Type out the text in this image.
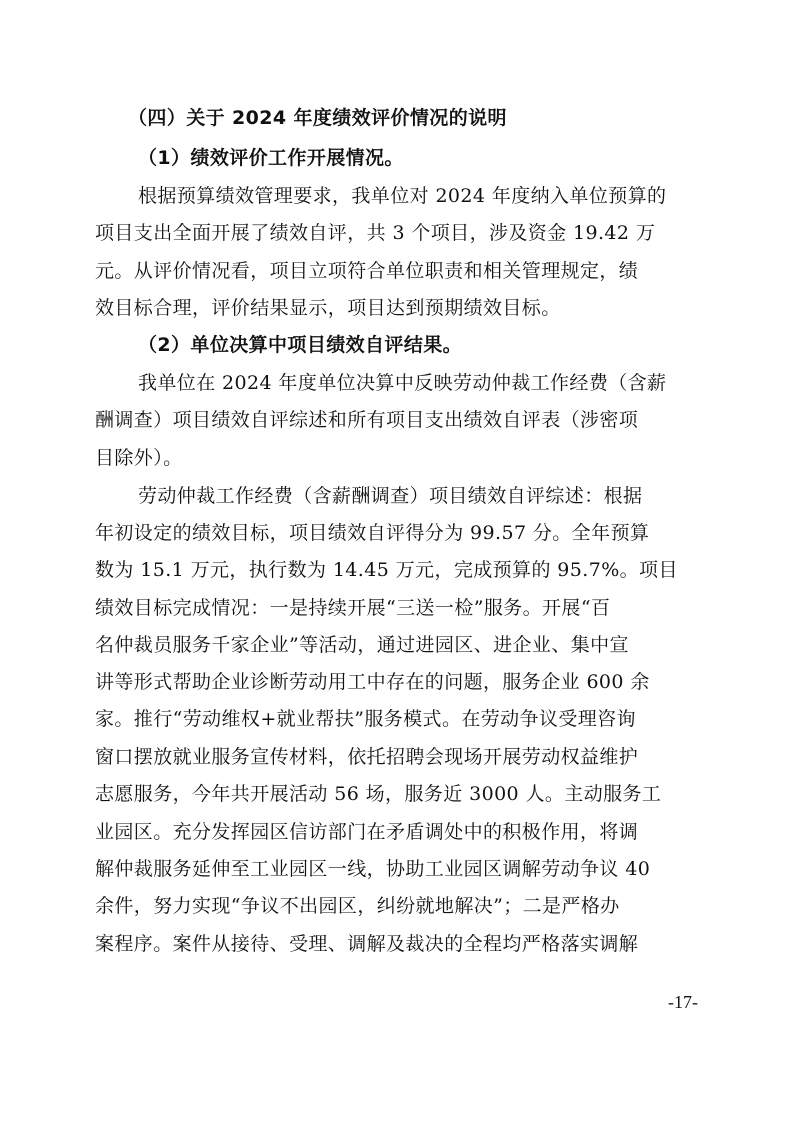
（四）关于 2024 年度绩效评价情况的说明
（1）绩效评价工作开展情况。
根据预算绩效管理要求，我单位对 2024 年度纳入单位预算的
项目支出全面开展了绩效自评，共 3 个项目，涉及资金 19.42 万
元。从评价情况看，项目立项符合单位职责和相关管理规定，绩
效目标合理，评价结果显示，项目达到预期绩效目标。
（2）单位决算中项目绩效自评结果。
我单位在 2024 年度单位决算中反映劳动仲裁工作经费（含薪
酬调查）项目绩效自评综述和所有项目支出绩效自评表（涉密项
目除外）。
劳动仲裁工作经费（含薪酬调查）项目绩效自评综述：根据
年初设定的绩效目标，项目绩效自评得分为 99.57 分。全年预算
数为 15.1 万元，执行数为 14.45 万元，完成预算的 95.7%。项目
绩效目标完成情况：一是持续开展“三送一检”服务。开展“百
名仲裁员服务千家企业”等活动，通过进园区、进企业、集中宣
讲等形式帮助企业诊断劳动用工中存在的问题，服务企业 600 余
家。推行“劳动维权+就业帮扶”服务模式。在劳动争议受理咨询
窗口摆放就业服务宣传材料，依托招聘会现场开展劳动权益维护
志愿服务，今年共开展活动 56 场，服务近 3000 人。主动服务工
业园区。充分发挥园区信访部门在矛盾调处中的积极作用，将调
解仲裁服务延伸至工业园区一线，协助工业园区调解劳动争议 40
余件，努力实现“争议不出园区，纠纷就地解决”；二是严格办
案程序。案件从接待、受理、调解及裁决的全程均严格落实调解
-17-
